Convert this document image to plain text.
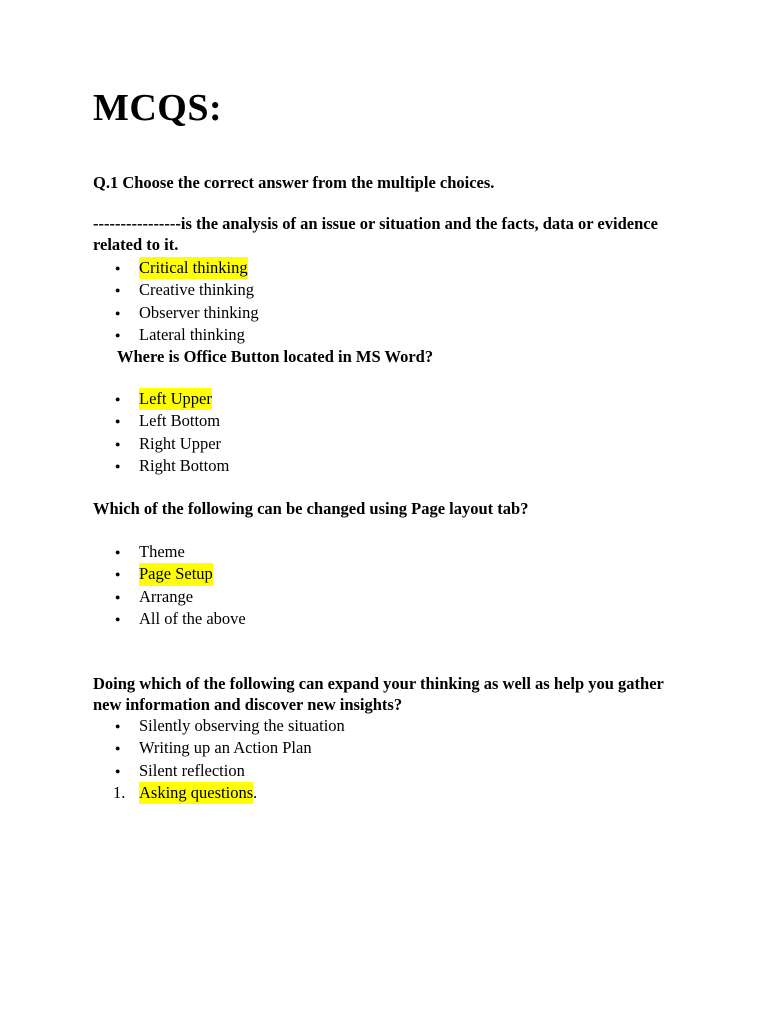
MCQS:

Q.1 Choose the correct answer from the multiple choices.

----------------is the analysis of an issue or situation and the facts, data or evidence related to it.

Critical thinking
Creative thinking
Observer thinking
Lateral thinking

Where is Office Button located in MS Word?

Left Upper
Left Bottom
Right Upper
Right Bottom

Which of the following can be changed using Page layout tab?

Theme
Page Setup
Arrange
All of the above

Doing which of the following can expand your thinking as well as help you gather new information and discover new insights?

Silently observing the situation
Writing up an Action Plan
Silent reflection
1. Asking questions .
